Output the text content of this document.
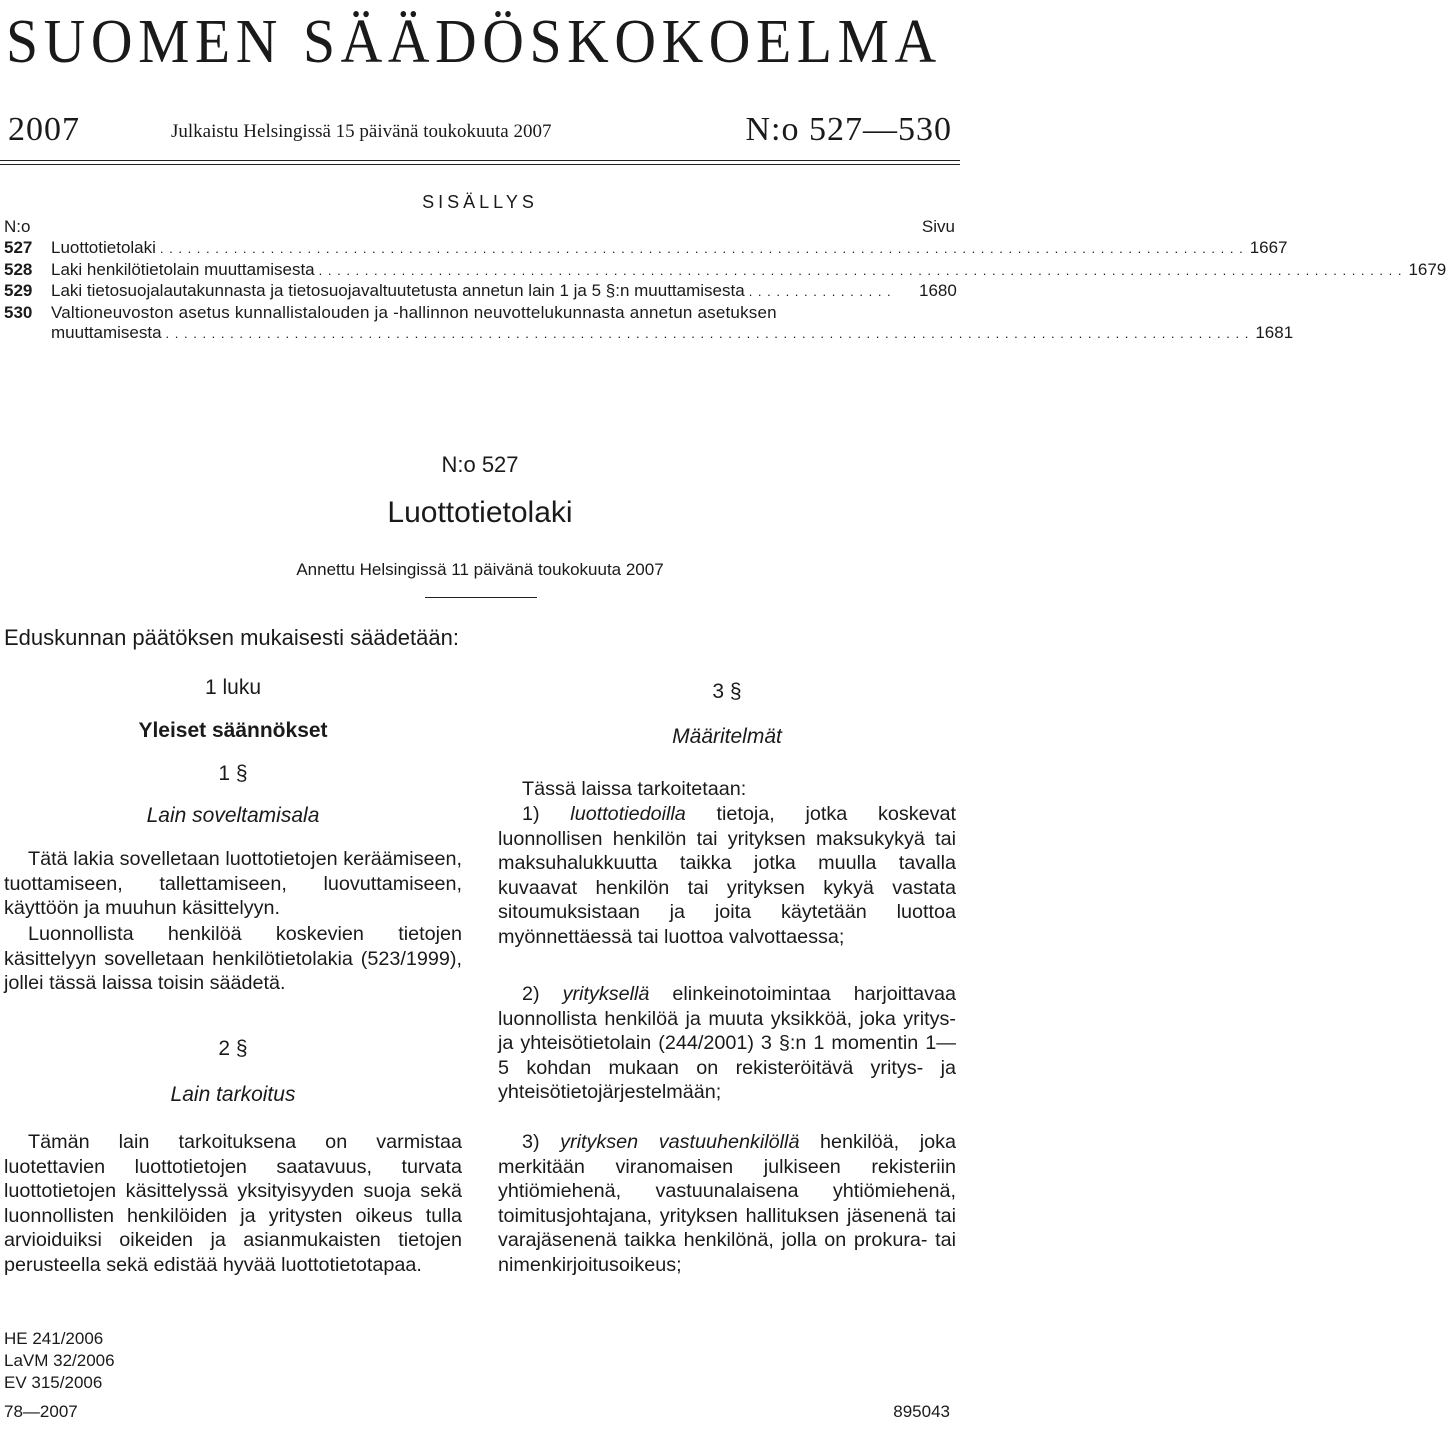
SUOMEN SÄÄDÖSKOKOELMA
2007	Julkaistu Helsingissä 15 päivänä toukokuuta 2007	N:o 527—530
SISÄLLYS
N:o	Sivu
527 Luottotietolaki . . . . . . . . . . . . . . . . . . . . . . . . . . . . . . . . . . . . . . . . . . . . . . . . . . . . . . . . . . . . . . . . . . . . . . . . . . . . . . . . . . . . . . . . . . . . . . . . . . . . . . . . . . . . . . . . . . . . . . 1667
528 Laki henkilötietolain muuttamisesta . . . . . . . . . . . . . . . . . . . . . . . . . . . . . . . . . . . . . . . . . . . . . . . . . . . . . . . . . . . . . . . . . . . . . . . . . . . . . . . . . . . . . . . . . . . . . . . . . . . . . . . . . . . . . . . . . . . . . . 1679
529 Laki tietosuojalautakunnasta ja tietosuojavaltuutetusta annetun lain 1 ja 5 §:n muuttamisesta . . . . . . . . . . . . . . . .	1680
530 Valtioneuvoston asetus kunnallistalouden ja -hallinnon neuvottelukunnasta annetun asetuksen
muuttamisesta . . . . . . . . . . . . . . . . . . . . . . . . . . . . . . . . . . . . . . . . . . . . . . . . . . . . . . . . . . . . . . . . . . . . . . . . . . . . . . . . . . . . . . . . . . . . . . . . . . . . . . . . . . . . . . . . . . . . . . 1681
N:o 527
Luottotietolaki
Annettu Helsingissä 11 päivänä toukokuuta 2007
Eduskunnan päätöksen mukaisesti säädetään:
1 luku
Yleiset säännökset
1 §
Lain soveltamisala
Tätä lakia sovelletaan luottotietojen keräämiseen, tuottamiseen, tallettamiseen, luovuttamiseen, käyttöön ja muuhun käsittelyyn.
Luonnollista henkilöä koskevien tietojen käsittelyyn sovelletaan henkilötietolakia (523/1999), jollei tässä laissa toisin säädetä.
2 §
Lain tarkoitus
Tämän lain tarkoituksena on varmistaa luotettavien luottotietojen saatavuus, turvata luottotietojen käsittelyssä yksityisyyden suoja sekä luonnollisten henkilöiden ja yritysten oikeus tulla arvioiduiksi oikeiden ja asianmukaisten tietojen perusteella sekä edistää hyvää luottotietotapaa.
3 §
Määritelmät
Tässä laissa tarkoitetaan:
1) luottotiedoilla tietoja, jotka koskevat luonnollisen henkilön tai yrityksen maksukykyä tai maksuhalukkuutta taikka jotka muulla tavalla kuvaavat henkilön tai yrityksen kykyä vastata sitoumuksistaan ja joita käytetään luottoa myönnettäessä tai luottoa valvottaessa;
2) yrityksellä elinkeinotoimintaa harjoittavaa luonnollista henkilöä ja muuta yksikköä, joka yritys- ja yhteisötietolain (244/2001) 3 §:n 1 momentin 1—5 kohdan mukaan on rekisteröitävä yritys- ja yhteisötietojärjestelmään;
3) yrityksen vastuuhenkilöllä henkilöä, joka merkitään viranomaisen julkiseen rekisteriin yhtiömiehenä, vastuunalaisena yhtiömiehenä, toimitusjohtajana, yrityksen hallituksen jäsenenä tai varajäsenenä taikka henkilönä, jolla on prokura- tai nimenkirjoitusoikeus;
HE 241/2006
LaVM 32/2006
EV 315/2006
78—2007	895043
